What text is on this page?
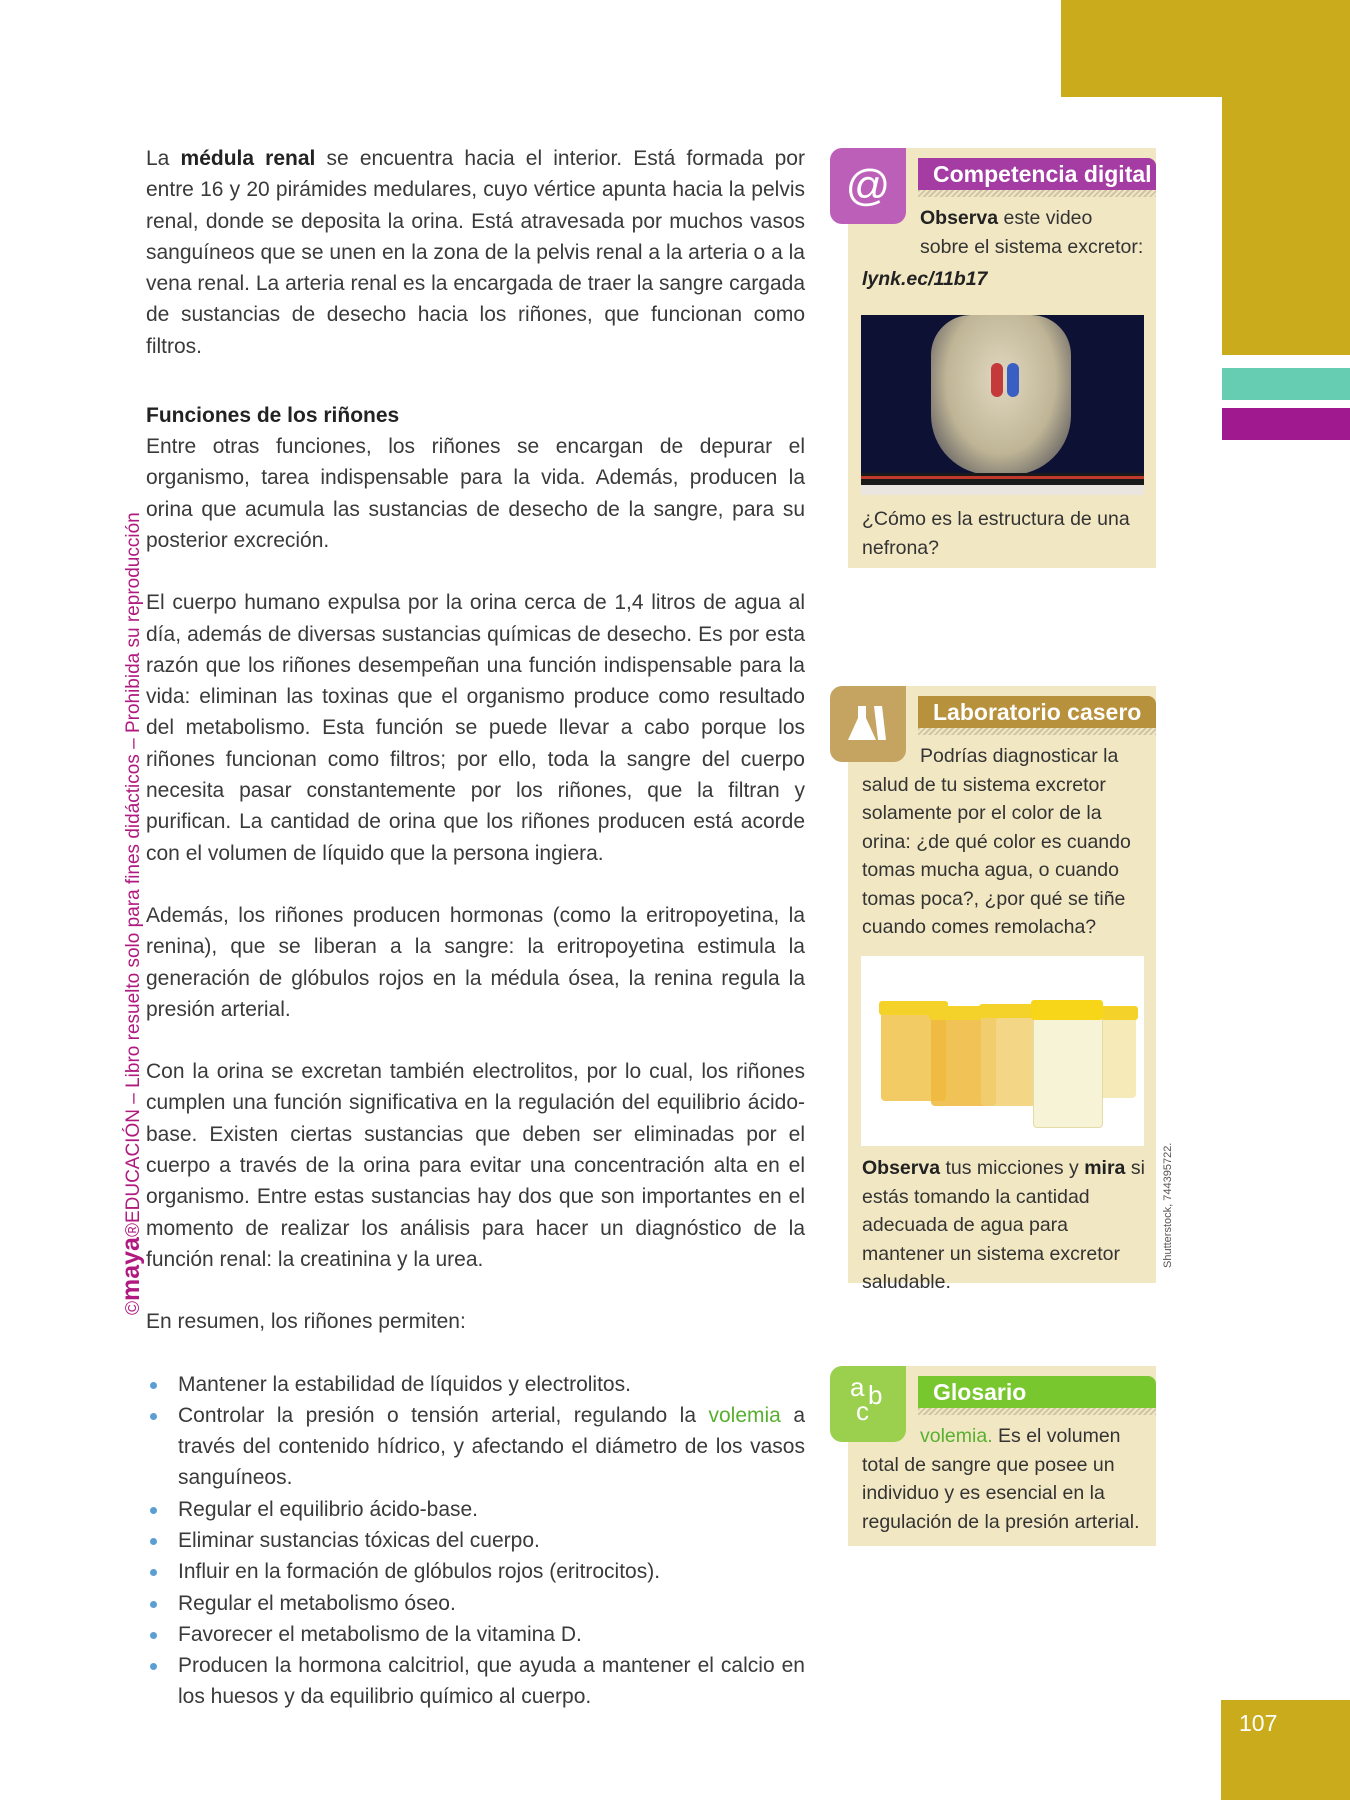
©maya®EDUCACIÓN – Libro resuelto solo para fines didácticos – Prohibida su reproducción

La médula renal se encuentra hacia el interior. Está formada por entre 16 y 20 pirámides medulares, cuyo vértice apunta hacia la pelvis renal, donde se deposita la orina. Está atravesada por muchos vasos sanguíneos que se unen en la zona de la pelvis renal a la arteria o a la vena renal. La arteria renal es la encargada de traer la sangre cargada de sustancias de desecho hacia los riñones, que funcionan como filtros.

Funciones de los riñones

Entre otras funciones, los riñones se encargan de depurar el organismo, tarea indispensable para la vida. Además, producen la orina que acumula las sustancias de desecho de la sangre, para su posterior excreción.

El cuerpo humano expulsa por la orina cerca de 1,4 litros de agua al día, además de diversas sustancias químicas de desecho. Es por esta razón que los riñones desempeñan una función indispensable para la vida: eliminan las toxinas que el organismo produce como resultado del metabolismo. Esta función se puede llevar a cabo porque los riñones funcionan como filtros; por ello, toda la sangre del cuerpo necesita pasar constantemente por los riñones, que la filtran y purifican. La cantidad de orina que los riñones producen está acorde con el volumen de líquido que la persona ingiera.

Además, los riñones producen hormonas (como la eritropoyetina, la renina), que se liberan a la sangre: la eritropoyetina estimula la generación de glóbulos rojos en la médula ósea, la renina regula la presión arterial.

Con la orina se excretan también electrolitos, por lo cual, los riñones cumplen una función significativa en la regulación del equilibrio ácido-base. Existen ciertas sustancias que deben ser eliminadas por el cuerpo a través de la orina para evitar una concentración alta en el organismo. Entre estas sustancias hay dos que son importantes en el momento de realizar los análisis para hacer un diagnóstico de la función renal: la creatinina y la urea.

En resumen, los riñones permiten:

Mantener la estabilidad de líquidos y electrolitos.
Controlar la presión o tensión arterial, regulando la volemia a través del contenido hídrico, y afectando el diámetro de los vasos sanguíneos.
Regular el equilibrio ácido-base.
Eliminar sustancias tóxicas del cuerpo.
Influir en la formación de glóbulos rojos (eritrocitos).
Regular el metabolismo óseo.
Favorecer el metabolismo de la vitamina D.
Producen la hormona calcitriol, que ayuda a mantener el calcio en los huesos y da equilibrio químico al cuerpo.
Competencia digital
@

Observa este video sobre el sistema excretor:

lynk.ec/11b17

¿Cómo es la estructura de una nefrona?

Laboratorio casero

Podrías diagnosticar la salud de tu sistema excretor solamente por el color de la orina: ¿de qué color es cuando tomas mucha agua, o cuando tomas poca?, ¿por qué se tiñe cuando comes remolacha?

Observa tus micciones y mira si estás tomando la cantidad adecuada de agua para mantener un sistema excretor saludable.

Shutterstock, 744395722.
Glosario
a b
c

volemia. Es el volumen total de sangre que posee un individuo y es esencial en la regulación de la presión arterial.

107
